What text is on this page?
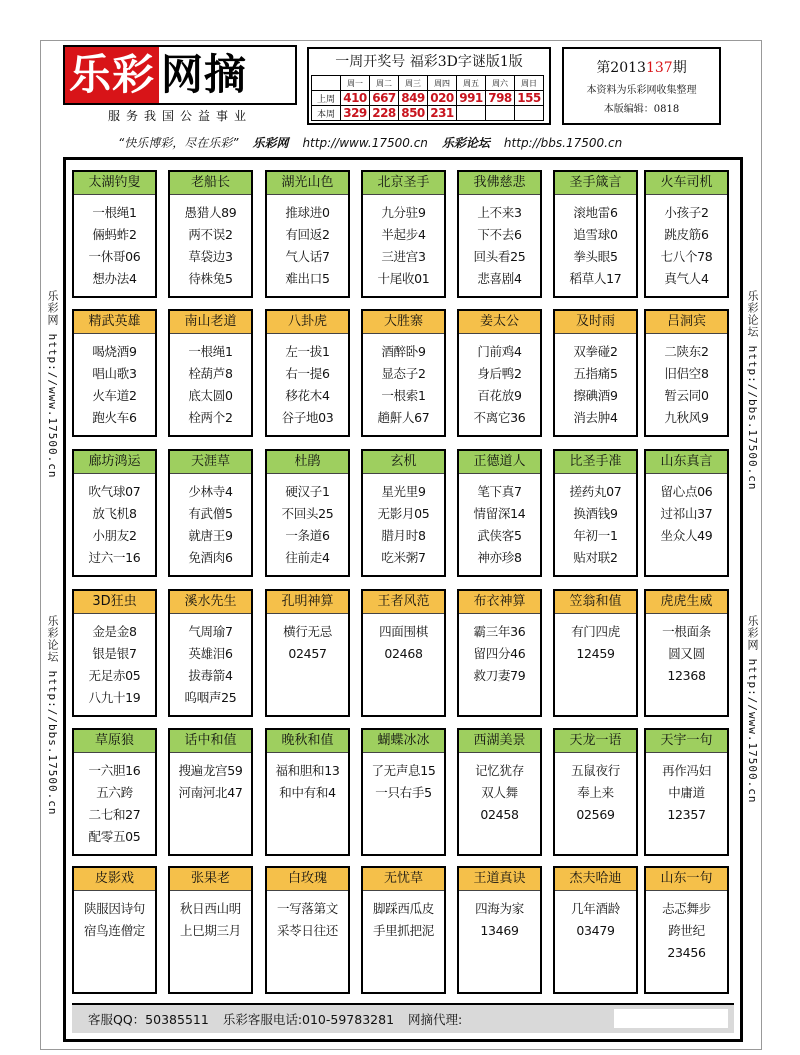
乐彩 网摘
服务我国公益事业
一周开奖号 福彩3D字谜版1版
	周一	周二	周三	周四	周五	周六	周日
上周	410	667	849	020	991	798	155
本周	329	228	850	231			
第2013137期
本资料为乐彩网收集整理
本版编辑：0818
“快乐博彩，尽在乐彩” 乐彩网 http://www.17500.cn 乐彩论坛 http://bbs.17500.cn
乐彩网 http://www.17500.cn
乐彩论坛 http://bbs.17500.cn
乐彩论坛 http://bbs.17500.cn
乐彩网 http://www.17500.cn
太湖钓叟
一根绳1
倆蚂蚱2
一休哥06
想办法4
老船长
愚猎人89
两不误2
草袋边3
待株兔5
湖光山色
推球进0
有回返2
气人话7
难出口5
北京圣手
九分驻9
半起步4
三进宫3
十尾收01
我佛慈悲
上不来3
下不去6
回头看25
悲喜剧4
圣手箴言
滚地雷6
追雪球0
拳头眼5
稻草人17
火车司机
小孩子2
跳皮筋6
七八个78
真气人4
精武英雄
喝烧酒9
唱山歌3
火车道2
跑火车6
南山老道
一根绳1
栓葫芦8
底太圆0
栓两个2
八卦虎
左一拔1
右一提6
移花木4
谷子地03
大胜寨
酒醉卧9
显态子2
一根索1
趟鼾人67
姜太公
门前鸡4
身后鸭2
百花放9
不离它36
及时雨
双拳碰2
五指痛5
擦碘酒9
消去肿4
吕洞宾
二陕东2
旧侣空8
暂云同0
九秋风9
廊坊鸿运
吹气球07
放飞机8
小朋友2
过六一16
天涯草
少林寺4
有武僧5
就唐王9
免酒肉6
杜鹃
硬汉子1
不回头25
一条道6
往前走4
玄机
星光里9
无影月05
腊月时8
吃米粥7
正德道人
笔下真7
情留深14
武侠客5
神亦珍8
比圣手准
搓药丸07
换酒钱9
年初一1
贴对联2
山东真言
留心点06
过祁山37
坐众人49
3D狂虫
金是金8
银是银7
无足赤05
八九十19
溪水先生
气周瑜7
英雄泪6
拔毒箭4
呜咽声25
孔明神算
横行无忌
02457
王者风范
四面围棋
02468
布衣神算
霸三年36
留四分46
救刀妻79
笠翁和值
有门四虎
12459
虎虎生威
一根面条
圆又圆
12368
草原狼
一六胆16
五六跨
二七和27
配零五05
话中和值
搜遍龙宫59
河南河北47
晚秋和值
福和胆和13
和中有和4
蝴蝶冰冰
了无声息15
一只右手5
西湖美景
记忆犹存
双人舞
02458
天龙一语
五鼠夜行
奉上来
02569
天宇一句
再作冯妇
中庸道
12357
皮影戏
陕服因诗句
宿鸟连僧定
张果老
秋日西山明
上巳期三月
白玫瑰
一写落第文
采苓日往还
无忧草
脚踩西瓜皮
手里抓把泥
王道真诀
四海为家
13469
杰夫哈迪
几年酒龄
03479
山东一句
忐忑舞步
跨世纪
23456
客服QQ：50385511 乐彩客服电话:010-59783281 网摘代理:
